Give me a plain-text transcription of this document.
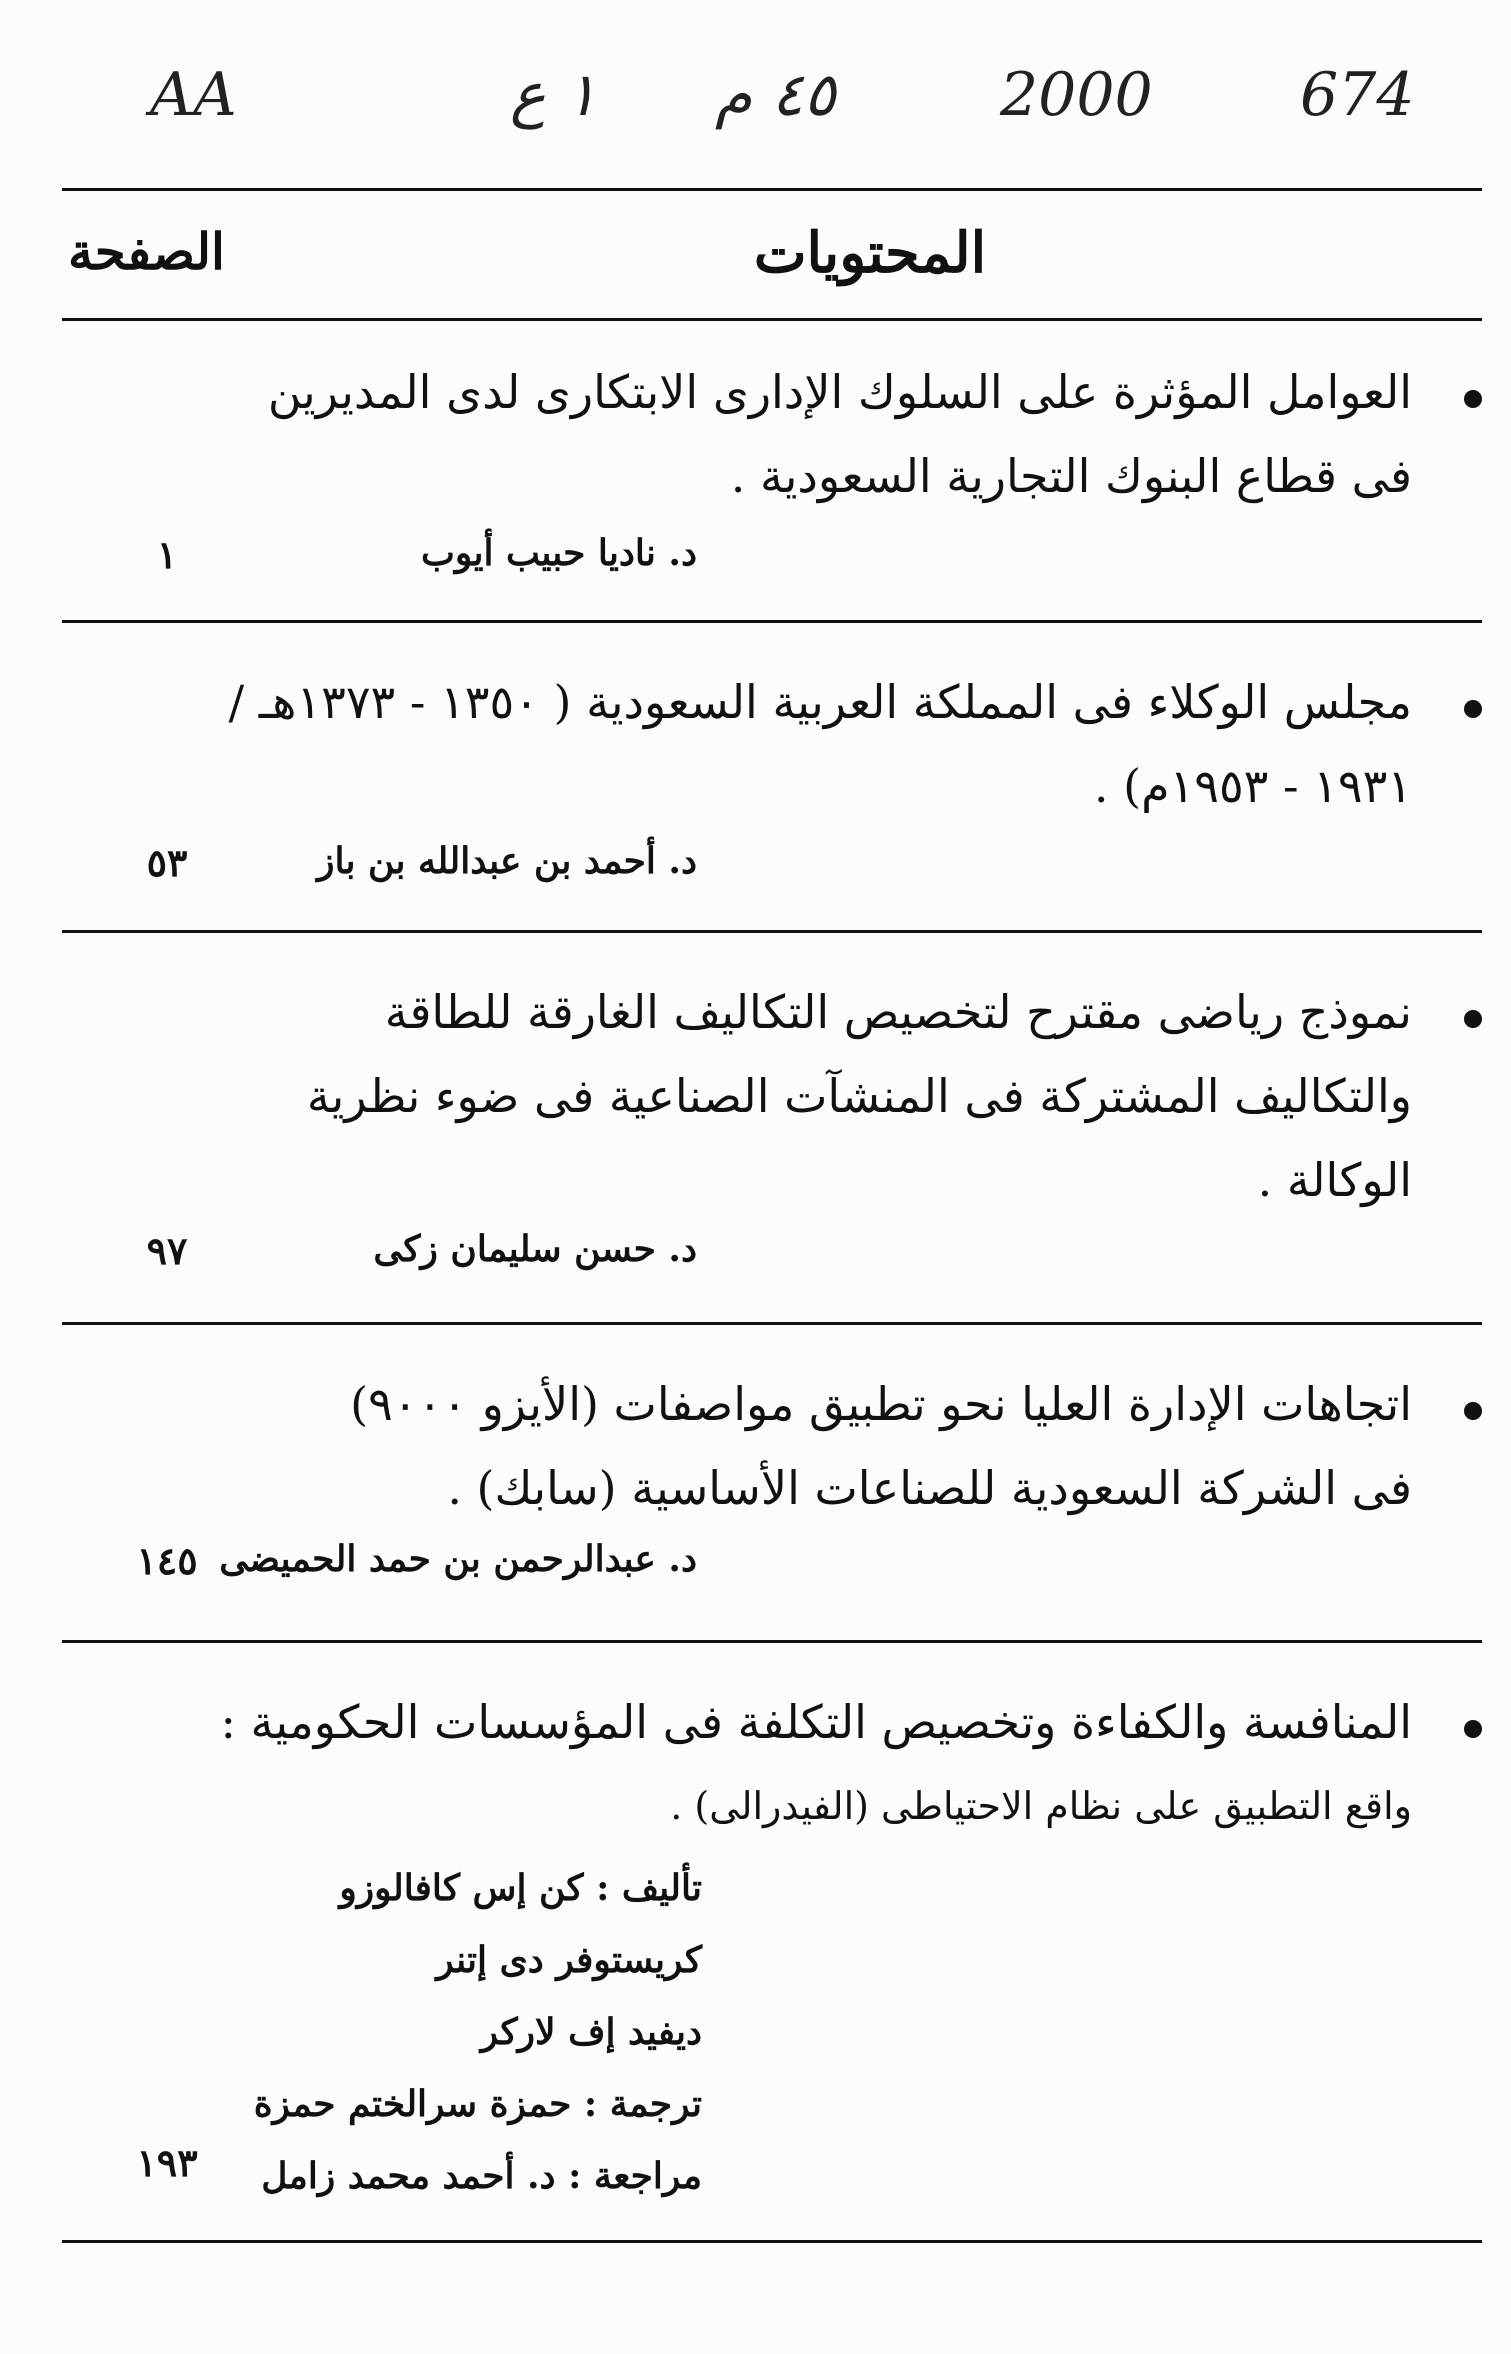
674
2000
٤٥ م
١ ع
AA
المحتويات
الصفحة
العوامل المؤثرة على السلوك الإدارى الابتكارى لدى المديرين
فى قطاع البنوك التجارية السعودية .
د. ناديا حبيب أيوب
١
مجلس الوكلاء فى المملكة العربية السعودية ( ١٣٥٠ - ١٣٧٣هـ /
١٩٣١ - ١٩٥٣م) .
د. أحمد بن عبدالله بن باز
٥٣
نموذج رياضى مقترح لتخصيص التكاليف الغارقة للطاقة
والتكاليف المشتركة فى المنشآت الصناعية فى ضوء نظرية
الوكالة .
د. حسن سليمان زكى
٩٧
اتجاهات الإدارة العليا نحو تطبيق مواصفات (الأيزو ٩٠٠٠)
فى الشركة السعودية للصناعات الأساسية (سابك) .
د. عبدالرحمن بن حمد الحميضى
١٤٥
المنافسة والكفاءة وتخصيص التكلفة فى المؤسسات الحكومية :
واقع التطبيق على نظام الاحتياطى (الفيدرالى) .
تأليف : كن إس كافالوزو
كريستوفر دى إتنر
ديفيد إف لاركر
ترجمة : حمزة سرالختم حمزة
مراجعة : د. أحمد محمد زامل
١٩٣
